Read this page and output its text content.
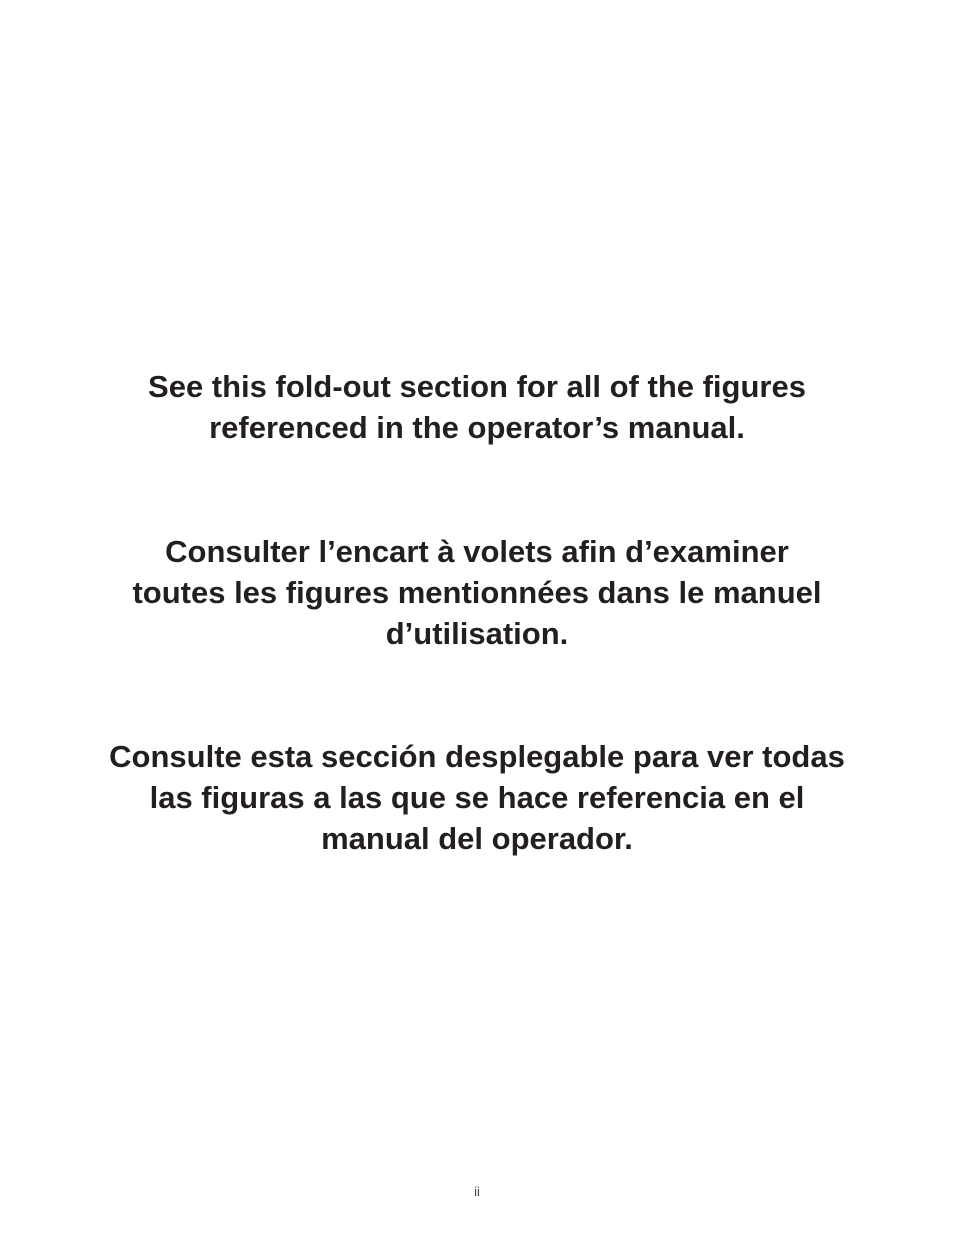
See this fold-out section for all of the figures
referenced in the operator’s manual.
Consulter l’encart à volets afin d’examiner
toutes les figures mentionnées dans le manuel
d’utilisation.
Consulte esta sección desplegable para ver todas
las figuras a las que se hace referencia en el
manual del operador.
ii
